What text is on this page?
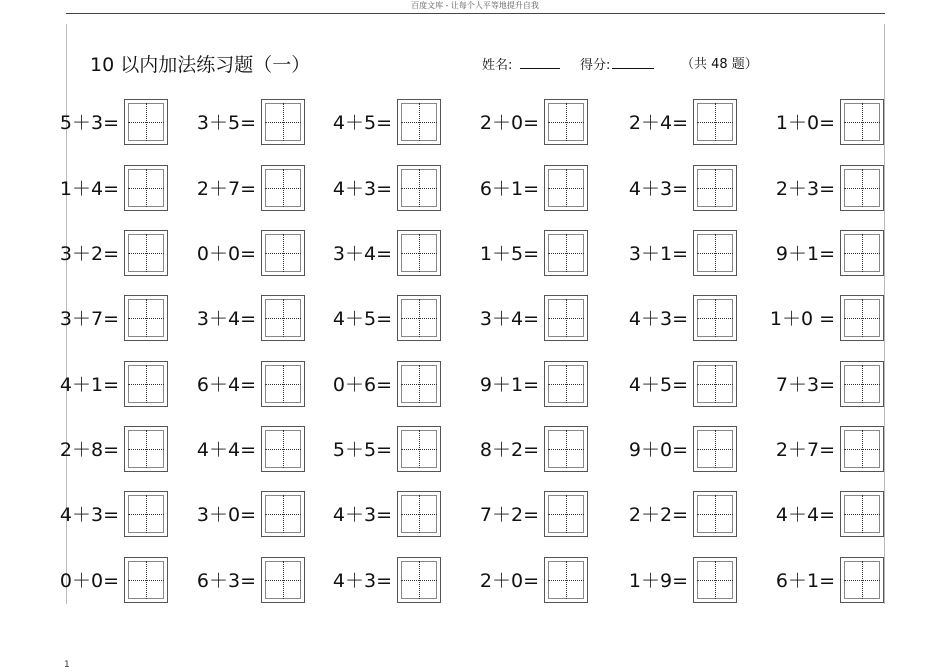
百度文库 - 让每个人平等地提升自我
10 以内加法练习题（一）	姓名:	得分:	（共 48 题）
5＋3=	3＋5=	4＋5=	2＋0=	2＋4=	1＋0=
1＋4=	2＋7=	4＋3=	6＋1=	4＋3=	2＋3=
3＋2=	0＋0=	3＋4=	1＋5=	3＋1=	9＋1=
3＋7=	3＋4=	4＋5=	3＋4=	4＋3=	1＋0 =
4＋1=	6＋4=	0＋6=	9＋1=	4＋5=	7＋3=
2＋8=	4＋4=	5＋5=	8＋2=	9＋0=	2＋7=
4＋3=	3＋0=	4＋3=	7＋2=	2＋2=	4＋4=
0＋0=	6＋3=	4＋3=	2＋0=	1＋9=	6＋1=
1
